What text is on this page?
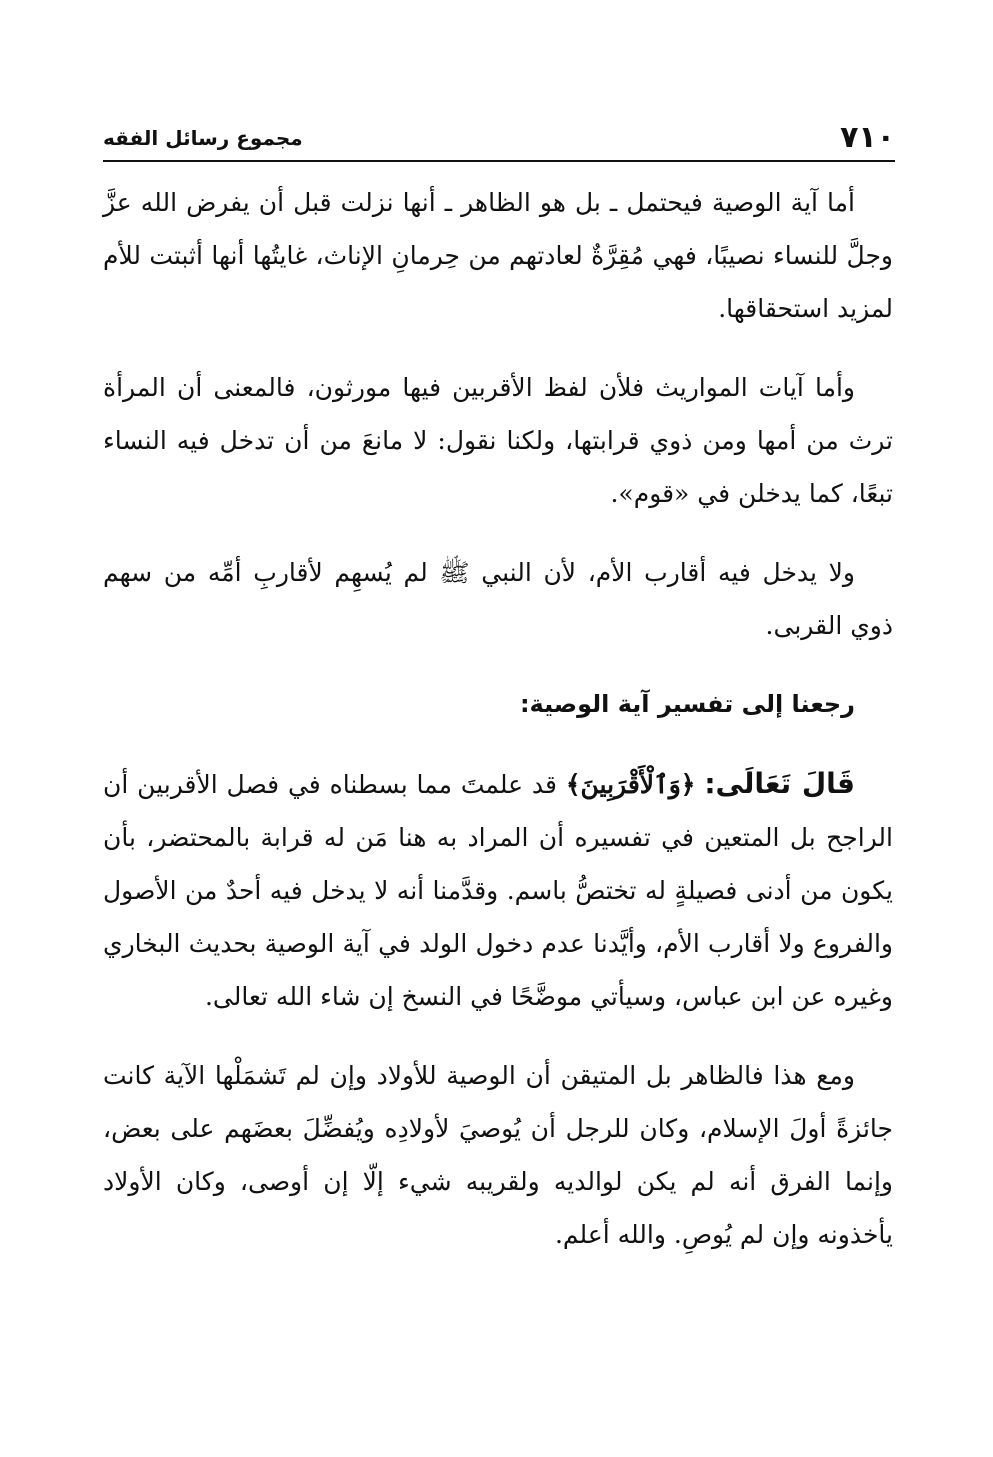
مجموع رسائل الفقه	٧١٠

أما آية الوصية فيحتمل ـ بل هو الظاهر ـ أنها نزلت قبل أن يفرض الله عزَّ وجلَّ للنساء نصيبًا، فهي مُقِرَّةٌ لعادتهم من حِرمانِ الإناث، غايتُها أنها أثبتت للأم لمزيد استحقاقها.

وأما آيات المواريث فلأن لفظ الأقربين فيها مورثون، فالمعنى أن المرأة ترث من أمها ومن ذوي قرابتها، ولكنا نقول: لا مانعَ من أن تدخل فيه النساء تبعًا، كما يدخلن في «قوم».

ولا يدخل فيه أقارب الأم، لأن النبي ﷺ لم يُسهِم لأقاربِ أمِّه من سهم ذوي القربى.

رجعنا إلى تفسير آية الوصية:

قَالَ تَعَالَى: ﴿وَٱلْأَقْرَبِينَ﴾ قد علمتَ مما بسطناه في فصل الأقربين أن الراجح بل المتعين في تفسيره أن المراد به هنا مَن له قرابة بالمحتضر، بأن يكون من أدنى فصيلةٍ له تختصُّ باسم. وقدَّمنا أنه لا يدخل فيه أحدٌ من الأصول والفروع ولا أقارب الأم، وأيَّدنا عدم دخول الولد في آية الوصية بحديث البخاري وغيره عن ابن عباس، وسيأتي موضَّحًا في النسخ إن شاء الله تعالى.

ومع هذا فالظاهر بل المتيقن أن الوصية للأولاد وإن لم تَشمَلْها الآية كانت جائزةً أولَ الإسلام، وكان للرجل أن يُوصيَ لأولادِه ويُفضِّلَ بعضَهم على بعض، وإنما الفرق أنه لم يكن لوالديه ولقريبه شيء إلّا إن أوصى، وكان الأولاد يأخذونه وإن لم يُوصِ. والله أعلم.
